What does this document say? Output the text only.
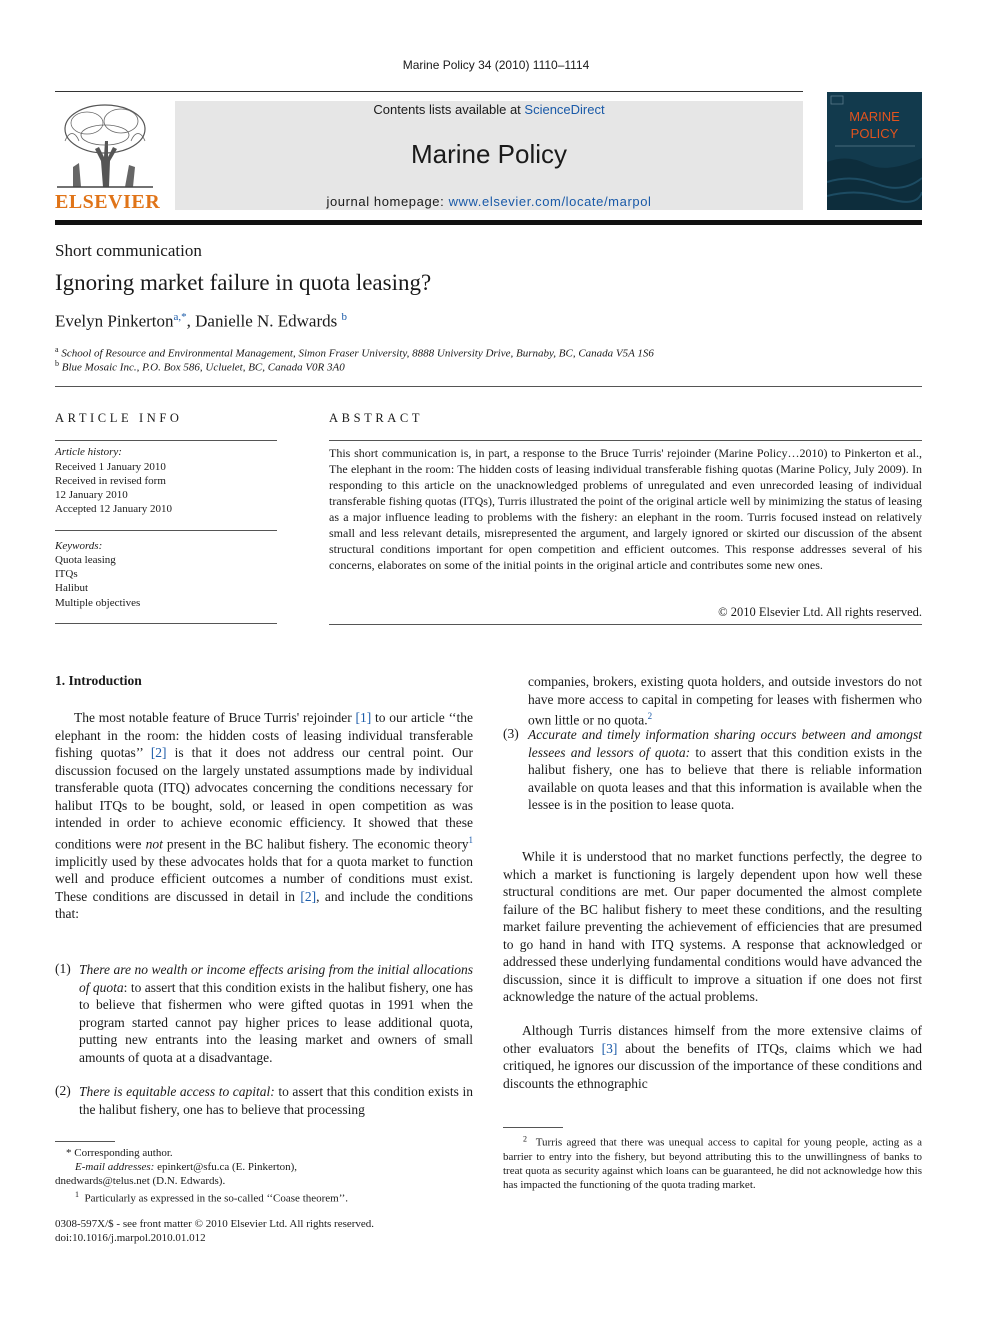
Marine Policy 34 (2010) 1110–1114
ELSEVIER
Contents lists available at ScienceDirect
Marine Policy
journal homepage: www.elsevier.com/locate/marpol
MARINE
POLICY
Short communication
Ignoring market failure in quota leasing?
Evelyn Pinkerton$^{a,*}$, Danielle N. Edwards $^b$
$^a$ School of Resource and Environmental Management, Simon Fraser University, 8888 University Drive, Burnaby, BC, Canada V5A 1S6
$^b$ Blue Mosaic Inc., P.O. Box 586, Ucluelet, BC, Canada V0R 3A0
ARTICLE INFO
Article history:
Received 1 January 2010
Received in revised form
12 January 2010
Accepted 12 January 2010
Keywords:
Quota leasing
ITQs
Halibut
Multiple objectives
ABSTRACT
This short communication is, in part, a response to the Bruce Turris' rejoinder (Marine Policy…2010) to Pinkerton et al., The elephant in the room: The hidden costs of leasing individual transferable fishing quotas (Marine Policy, July 2009). In responding to this article on the unacknowledged problems of unregulated and even unrecorded leasing of individual transferable fishing quotas (ITQs), Turris illustrated the point of the original article well by minimizing the status of leasing as a major influence leading to problems with the fishery: an elephant in the room. Turris focused instead on relatively small and less relevant details, misrepresented the argument, and largely ignored or skirted our discussion of the absent structural conditions important for open competition and efficient outcomes. This response addresses several of his concerns, elaborates on some of the initial points in the original article and contributes some new ones.
© 2010 Elsevier Ltd. All rights reserved.
1. Introduction
The most notable feature of Bruce Turris' rejoinder [1] to our article ‘‘the elephant in the room: the hidden costs of leasing individual transferable fishing quotas’’ [2] is that it does not address our central point. Our discussion focused on the largely unstated assumptions made by individual transferable quota (ITQ) advocates concerning the conditions necessary for halibut ITQs to be bought, sold, or leased in open competition as was intended in order to achieve economic efficiency. It showed that these conditions were not present in the BC halibut fishery. The economic theory$^1$ implicitly used by these advocates holds that for a quota market to function well and produce efficient outcomes a number of conditions must exist. These conditions are discussed in detail in [2], and include the conditions that:
(1) There are no wealth or income effects arising from the initial allocations of quota: to assert that this condition exists in the halibut fishery, one has to believe that fishermen who were gifted quotas in 1991 when the program started cannot pay higher prices to lease additional quota, putting new entrants into the leasing market and owners of small amounts of quota at a disadvantage.
(2) There is equitable access to capital: to assert that this condition exists in the halibut fishery, one has to believe that processing
* Corresponding author.
E-mail addresses: epinkert@sfu.ca (E. Pinkerton),
dnedwards@telus.net (D.N. Edwards).
$^1$ Particularly as expressed in the so-called ‘‘Coase theorem’’.
0308-597X/$ - see front matter © 2010 Elsevier Ltd. All rights reserved.
doi:10.1016/j.marpol.2010.01.012
companies, brokers, existing quota holders, and outside investors do not have more access to capital in competing for leases with fishermen who own little or no quota.$^2$
(3) Accurate and timely information sharing occurs between and amongst lessees and lessors of quota: to assert that this condition exists in the halibut fishery, one has to believe that there is reliable information available on quota leases and that this information is available when the lessee is in the position to lease quota.
While it is understood that no market functions perfectly, the degree to which a market is functioning is largely dependent upon how well these structural conditions are met. Our paper documented the almost complete failure of the BC halibut fishery to meet these conditions, and the resulting market failure preventing the achievement of efficiencies that are presumed to go hand in hand with ITQ systems. A response that acknowledged or addressed these underlying fundamental conditions would have advanced the discussion, since it is difficult to improve a situation if one does not first acknowledge the nature of the actual problems.
Although Turris distances himself from the more extensive claims of other evaluators [3] about the benefits of ITQs, claims which we had critiqued, he ignores our discussion of the importance of these conditions and discounts the ethnographic
$^2$ Turris agreed that there was unequal access to capital for young people, acting as a barrier to entry into the fishery, but beyond attributing this to the unwillingness of banks to treat quota as security against which loans can be guaranteed, he did not acknowledge how this has impacted the functioning of the quota trading market.
